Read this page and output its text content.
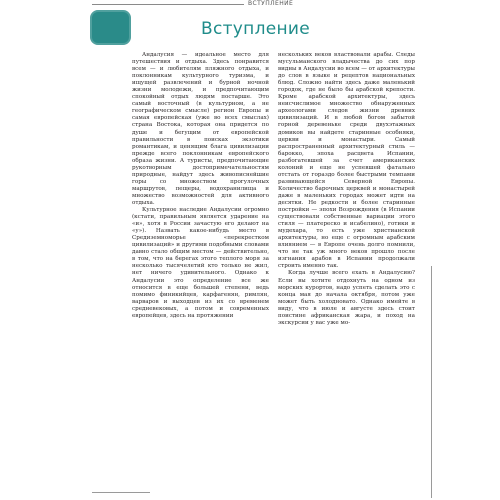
ВСТУПЛЕНИЕ
Вступление

Андалусия — идеальное место для путешествия и отдыха. Здесь понравится всем — и любителям пляжного отдыха, и поклонникам культурного туризма, и ищущей развлечений и бурной ночной жизни молодежи, и предпочитающим спокойный отдых людям постарше. Это самый восточный (в культурном, а не географическом смысле) регион Европы и самая европейская (уже во всех смыслах) страна Востока, которая она придется по душе и бегущим от европейской правильности в поисках экзотики романтикам, и ценящим блага цивилизации прежде всего поклонникам европейского образа жизни. А туристы, предпочитающие рукотворным достопримечательностям природные, найдут здесь живописнейшие горы со множеством прогулочных маршрутов, пещеры, водохранилища и множество возможностей для активного отдыха.

Культурное наследие Андалусии огромно (кстати, правильным является ударение на «и», хотя в России зачастую его делают на «у»). Назвать какое-нибудь место в Средиземноморье «перекрестком цивилизаций» и другими подобными словами давно стало общим местом — действительно, в том, что на берегах этого теплого моря за несколько тысячелетий кто только не жил, нет ничего удивительного. Однако к Андалусии это определение все же относится в еще большей степени, ведь помимо финикийцев, карфагенян, римлян, варваров и выходцев из их со временем средневековых, а потом и современных европейцев, здесь на протяжении

нескольких веков властвовали арабы. Следы мусульманского владычества до сих пор видны в Андалусии во всем — от архитектуры до слов в языке и рецептов национальных блюд. Сложно найти здесь даже маленький городок, где не было бы арабской крепости. Кроме арабской архитектуры, здесь неисчислимое множество обнаруженных археологами следов жизни древних цивилизаций. И в любой богом забытой горной деревенькe среди двухэтажных домиков вы найдете старинные особняки, церкви и монастыри. Самый распространенный архитектурный стиль — барокко, эпоха расцвета Испании, разбогатевшей за счет американских колоний и еще не успевшей фатально отстать от гораздо более быстрыми темпами развивающейся Северной Европы. Количество барочных церквей и монастырей даже в маленьких городах может идти на десятки. Не редкости и более старинные постройки — эпохи Возрождения (в Испании существовали собственные вариации этого стиля — платереско и исабелино), готики и мудехара, то есть уже христианской архитектуры, но еще с огромным арабским влиянием — в Европе очень долго помнили, что не так уж много веков прошло после изгнания арабов в Испании продолжали строить именно так.

Когда лучше всего ехать в Андалусию? Если вы хотите отдохнуть на одном из морских курортов, надо успеть сделать это с конца мая до начала октября, потом уже может быть холодновато. Однако имейте в виду, что в июле и августе здесь стоит поистине африканская жара, и поход на экскурсии у вас уже мо-
